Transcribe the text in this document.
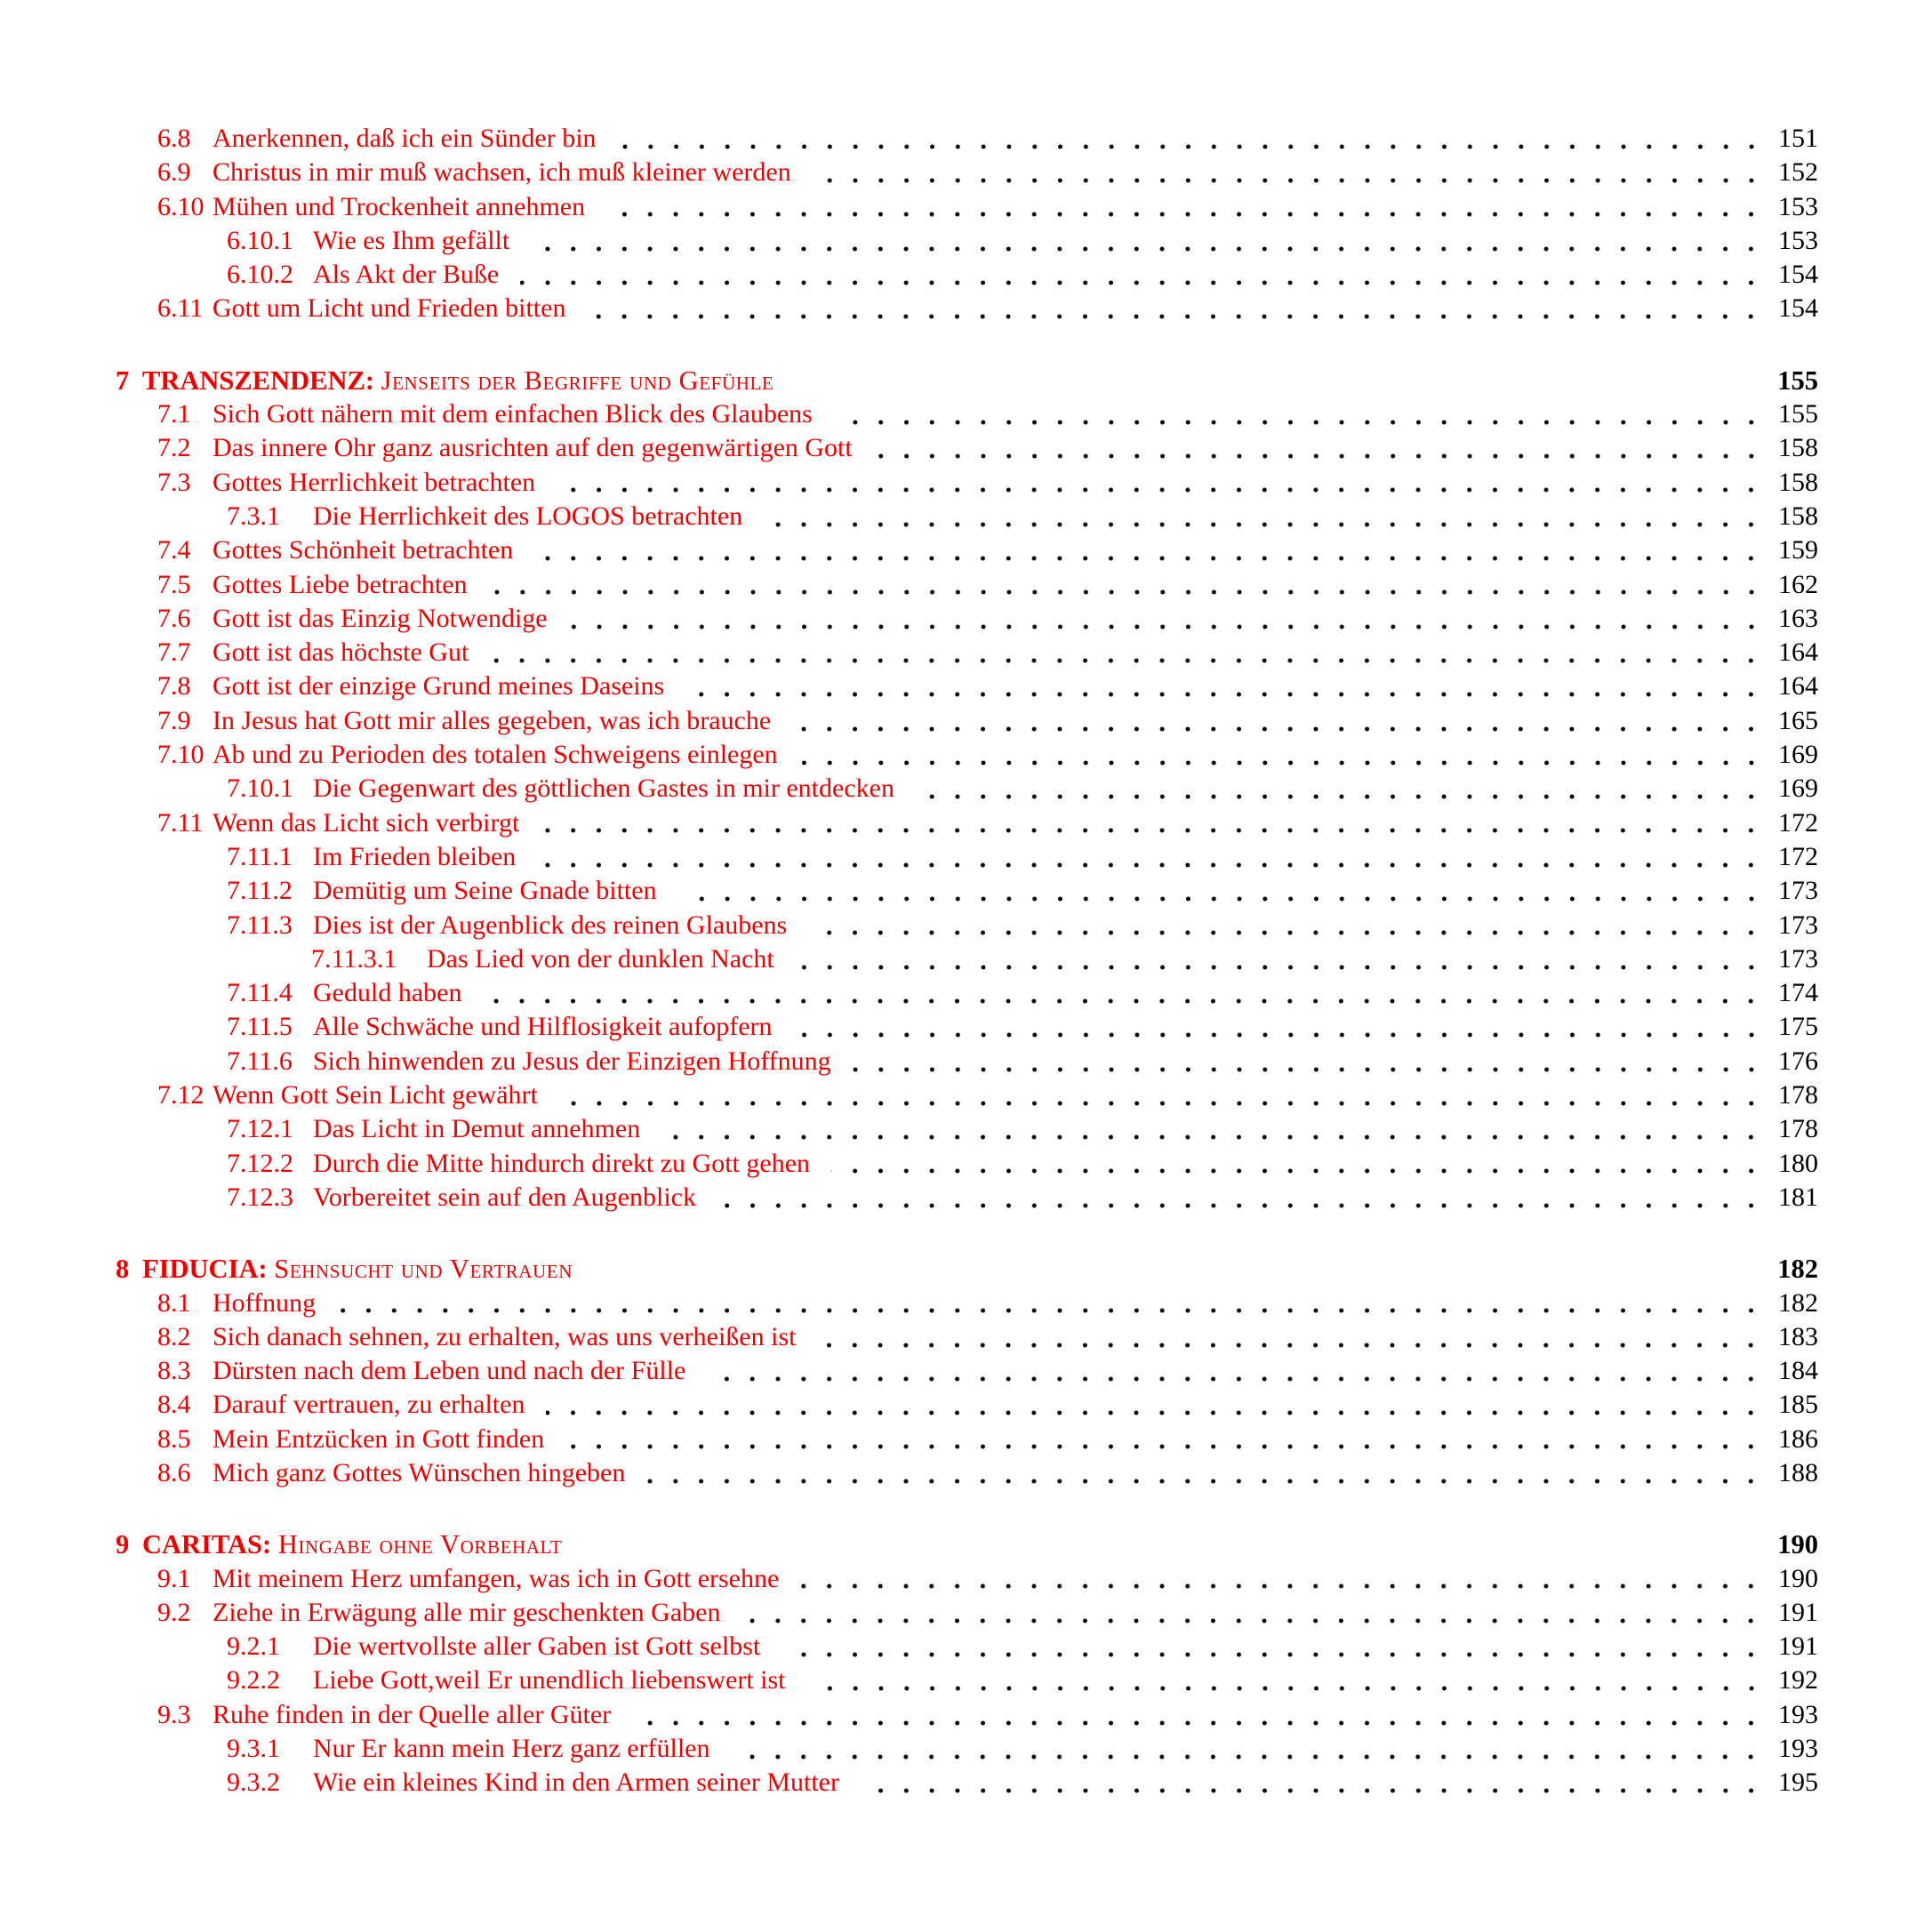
6.8 Anerkennen, daß ich ein Sünder bin	151
6.9 Christus in mir muß wachsen, ich muß kleiner werden	152
6.10 Mühen und Trockenheit annehmen	153
6.10.1 Wie es Ihm gefällt	153
6.10.2 Als Akt der Buße	154
6.11 Gott um Licht und Frieden bitten	154
7 TRANSZENDENZ: Jenseits der Begriffe und Gefühle	155
7.1 Sich Gott nähern mit dem einfachen Blick des Glaubens	155
7.2 Das innere Ohr ganz ausrichten auf den gegenwärtigen Gott	158
7.3 Gottes Herrlichkeit betrachten	158
7.3.1 Die Herrlichkeit des LOGOS betrachten	158
7.4 Gottes Schönheit betrachten	159
7.5 Gottes Liebe betrachten	162
7.6 Gott ist das Einzig Notwendige	163
7.7 Gott ist das höchste Gut	164
7.8 Gott ist der einzige Grund meines Daseins	164
7.9 In Jesus hat Gott mir alles gegeben, was ich brauche	165
7.10 Ab und zu Perioden des totalen Schweigens einlegen	169
7.10.1 Die Gegenwart des göttlichen Gastes in mir entdecken	169
7.11 Wenn das Licht sich verbirgt	172
7.11.1 Im Frieden bleiben	172
7.11.2 Demütig um Seine Gnade bitten	173
7.11.3 Dies ist der Augenblick des reinen Glaubens	173
7.11.3.1 Das Lied von der dunklen Nacht	173
7.11.4 Geduld haben	174
7.11.5 Alle Schwäche und Hilflosigkeit aufopfern	175
7.11.6 Sich hinwenden zu Jesus der Einzigen Hoffnung	176
7.12 Wenn Gott Sein Licht gewährt	178
7.12.1 Das Licht in Demut annehmen	178
7.12.2 Durch die Mitte hindurch direkt zu Gott gehen	180
7.12.3 Vorbereitet sein auf den Augenblick	181
8 FIDUCIA: Sehnsucht und Vertrauen	182
8.1 Hoffnung	182
8.2 Sich danach sehnen, zu erhalten, was uns verheißen ist	183
8.3 Dürsten nach dem Leben und nach der Fülle	184
8.4 Darauf vertrauen, zu erhalten	185
8.5 Mein Entzücken in Gott finden	186
8.6 Mich ganz Gottes Wünschen hingeben	188
9 CARITAS: Hingabe ohne Vorbehalt	190
9.1 Mit meinem Herz umfangen, was ich in Gott ersehne	190
9.2 Ziehe in Erwägung alle mir geschenkten Gaben	191
9.2.1 Die wertvollste aller Gaben ist Gott selbst	191
9.2.2 Liebe Gott,weil Er unendlich liebenswert ist	192
9.3 Ruhe finden in der Quelle aller Güter	193
9.3.1 Nur Er kann mein Herz ganz erfüllen	193
9.3.2 Wie ein kleines Kind in den Armen seiner Mutter	195
